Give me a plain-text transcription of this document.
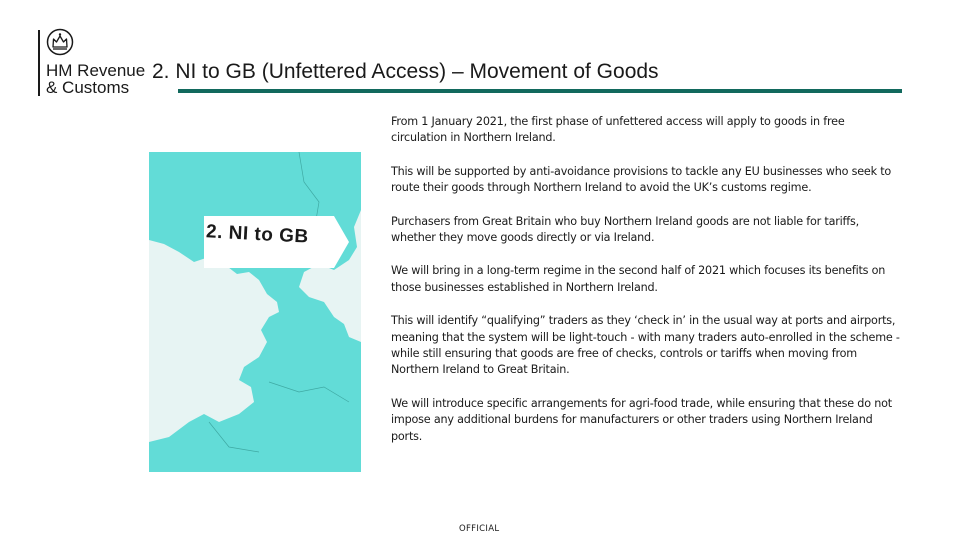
HM Revenue
& Customs
2. NI to GB (Unfettered Access) – Movement of Goods
2. NI to GB

From 1 January 2021, the first phase of unfettered access will apply to goods in free circulation in Northern Ireland.

This will be supported by anti-avoidance provisions to tackle any EU businesses who seek to route their goods through Northern Ireland to avoid the UK’s customs regime.

Purchasers from Great Britain who buy Northern Ireland goods are not liable for tariffs, whether they move goods directly or via Ireland.

We will bring in a long-term regime in the second half of 2021 which focuses its benefits on those businesses established in Northern Ireland.

This will identify “qualifying” traders as they ‘check in’ in the usual way at ports and airports, meaning that the system will be light-touch - with many traders auto-enrolled in the scheme - while still ensuring that goods are free of checks, controls or tariffs when moving from Northern Ireland to Great Britain.

We will introduce specific arrangements for agri-food trade, while ensuring that these do not impose any additional burdens for manufacturers or other traders using Northern Ireland ports.

OFFICIAL
